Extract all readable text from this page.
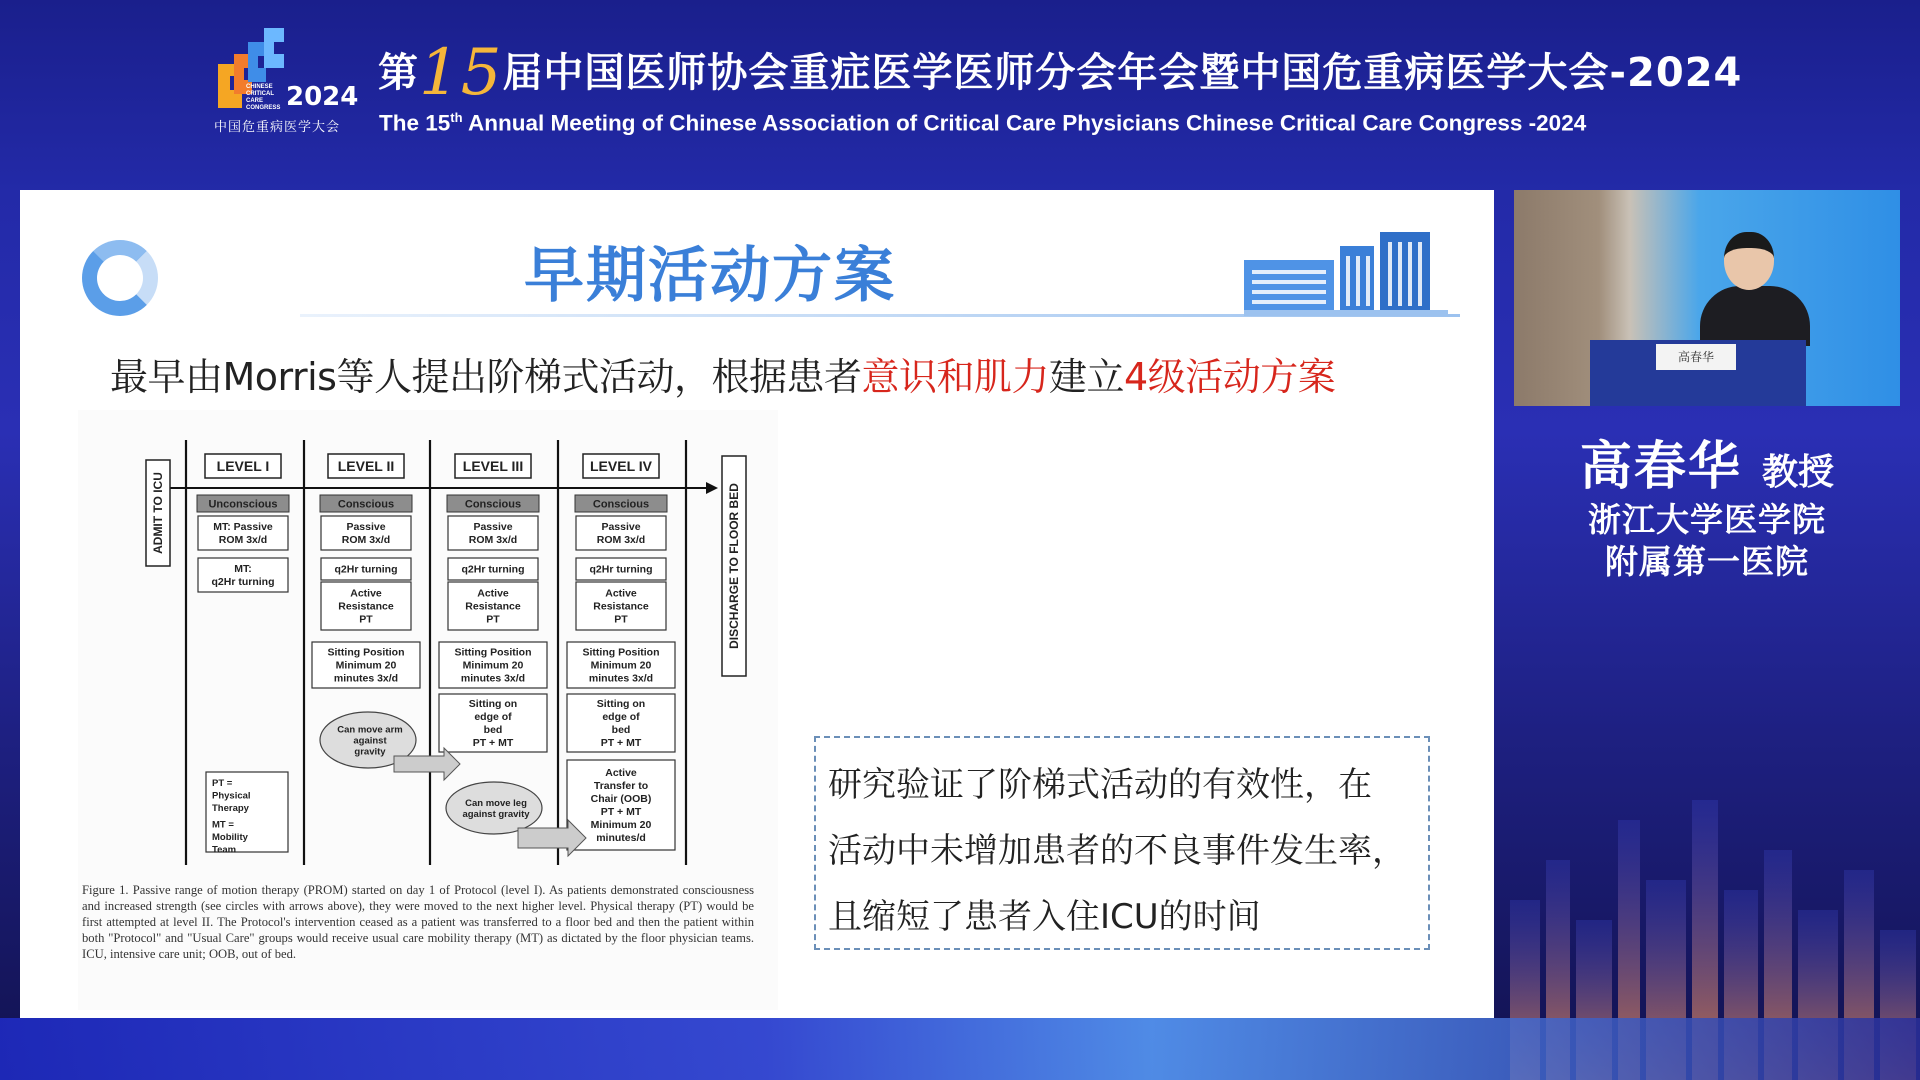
2024
CHINESE CRITICAL CARE CONGRESS
中国危重病医学大会
第15届中国医师协会重症医学医师分会年会暨中国危重病医学大会-2024
The 15th Annual Meeting of Chinese Association of Critical Care Physicians Chinese Critical Care Congress -2024
早期活动方案
最早由Morris等人提出阶梯式活动，根据患者意识和肌力建立4级活动方案
ADMIT TO ICU	DISCHARGE TO FLOOR BED
LEVEL I
Unconscious
MT: Passive ROM 3x/d
MT: q2Hr turning
LEVEL II
Conscious
Passive ROM 3x/d
q2Hr turning
Active Resistance PT
Sitting Position Minimum 20 minutes 3x/d
LEVEL III
Conscious
Passive ROM 3x/d
q2Hr turning
Active Resistance PT
Sitting Position Minimum 20 minutes 3x/d
Sitting on edge of bed PT + MT
LEVEL IV
Conscious
Passive ROM 3x/d
q2Hr turning
Active Resistance PT
Sitting Position Minimum 20 minutes 3x/d
Sitting on edge of bed PT + MT
Active Transfer to Chair (OOB) PT + MT Minimum 20 minutes/d
Can move arm against gravity
Can move leg against gravity
PT = Physical Therapy MT = Mobility Team
Figure 1. Passive range of motion therapy (PROM) started on day 1 of Protocol (level I). As patients demonstrated consciousness and increased strength (see circles with arrows above), they were moved to the next higher level. Physical therapy (PT) would be first attempted at level II. The Protocol's intervention ceased as a patient was transferred to a floor bed and then the patient within both "Protocol" and "Usual Care" groups would receive usual care mobility therapy (MT) as dictated by the floor physician teams. ICU, intensive care unit; OOB, out of bed.
研究验证了阶梯式活动的有效性，在
活动中未增加患者的不良事件发生率，
且缩短了患者入住ICU的时间
高春华
高春华 教授
浙江大学医学院
附属第一医院
